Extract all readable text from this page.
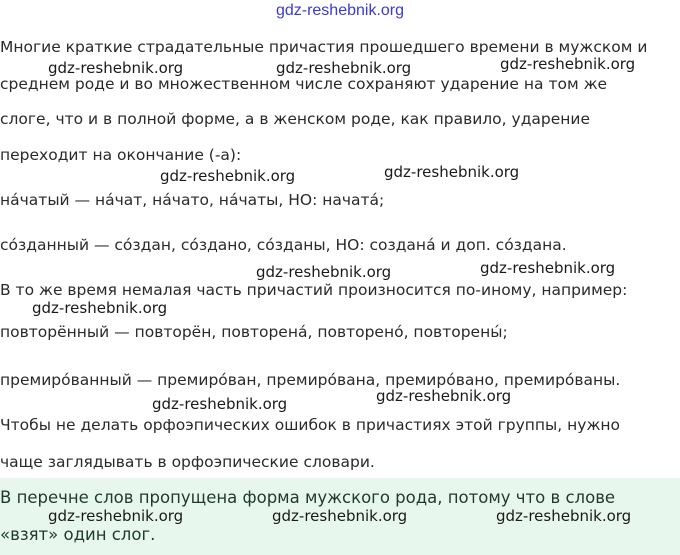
gdz-reshebnik.org
Многие краткие страдательные причастия прошедшего времени в мужском и
среднем роде и во множественном числе сохраняют ударение на том же
слоге, что и в полной форме, а в женском роде, как правило, ударение
переходит на окончание (-а):
на́чатый — на́чат, на́чато, на́чаты, НО: начата́;
со́зданный — со́здан, со́здано, со́зданы, НО: создана́ и доп. со́здана.
В то же время немалая часть причастий произносится по-иному, например:
повторённый — повторён, повторена́, повторено́, повторены́;
премиро́ванный — премиро́ван, премиро́вана, премиро́вано, премиро́ваны.
Чтобы не делать орфоэпических ошибок в причастиях этой группы, нужно
чаще заглядывать в орфоэпические словари.
В перечне слов пропущена форма мужского рода, потому что в слове
«взят» один слог.
gdz-reshebnik.org	gdz-reshebnik.org	gdz-reshebnik.org
gdz-reshebnik.org	gdz-reshebnik.org
gdz-reshebnik.org	gdz-reshebnik.org
gdz-reshebnik.org
gdz-reshebnik.org	gdz-reshebnik.org
gdz-reshebnik.org	gdz-reshebnik.org	gdz-reshebnik.org
